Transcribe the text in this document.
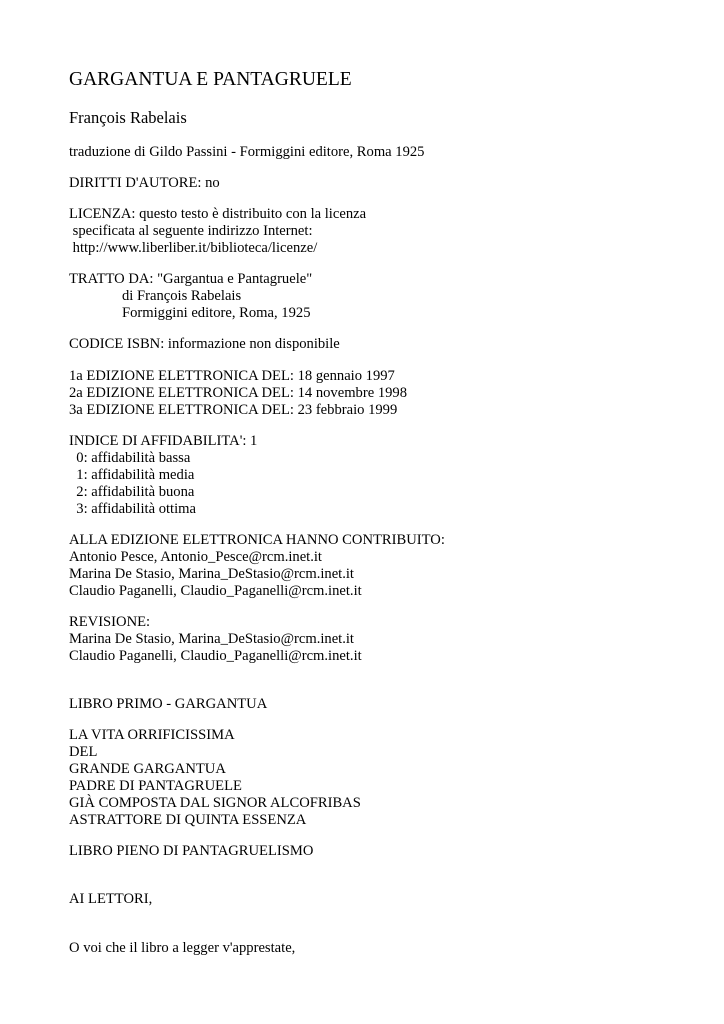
GARGANTUA E PANTAGRUELE
François Rabelais
traduzione di Gildo Passini - Formiggini editore, Roma 1925
DIRITTI D'AUTORE: no
LICENZA: questo testo è distribuito con la licenza
specificata al seguente indirizzo Internet:
http://www.liberliber.it/biblioteca/licenze/
TRATTO DA: "Gargantua e Pantagruele"
di François Rabelais
Formiggini editore, Roma, 1925
CODICE ISBN: informazione non disponibile
1a EDIZIONE ELETTRONICA DEL: 18 gennaio 1997
2a EDIZIONE ELETTRONICA DEL: 14 novembre 1998
3a EDIZIONE ELETTRONICA DEL: 23 febbraio 1999
INDICE DI AFFIDABILITA': 1
0: affidabilità bassa
1: affidabilità media
2: affidabilità buona
3: affidabilità ottima
ALLA EDIZIONE ELETTRONICA HANNO CONTRIBUITO:
Antonio Pesce, Antonio_Pesce@rcm.inet.it
Marina De Stasio, Marina_DeStasio@rcm.inet.it
Claudio Paganelli, Claudio_Paganelli@rcm.inet.it
REVISIONE:
Marina De Stasio, Marina_DeStasio@rcm.inet.it
Claudio Paganelli, Claudio_Paganelli@rcm.inet.it
LIBRO PRIMO - GARGANTUA
LA VITA ORRIFICISSIMA
DEL
GRANDE GARGANTUA
PADRE DI PANTAGRUELE
GIÀ COMPOSTA DAL SIGNOR ALCOFRIBAS
ASTRATTORE DI QUINTA ESSENZA
LIBRO PIENO DI PANTAGRUELISMO
AI LETTORI,
O voi che il libro a legger v'apprestate,
